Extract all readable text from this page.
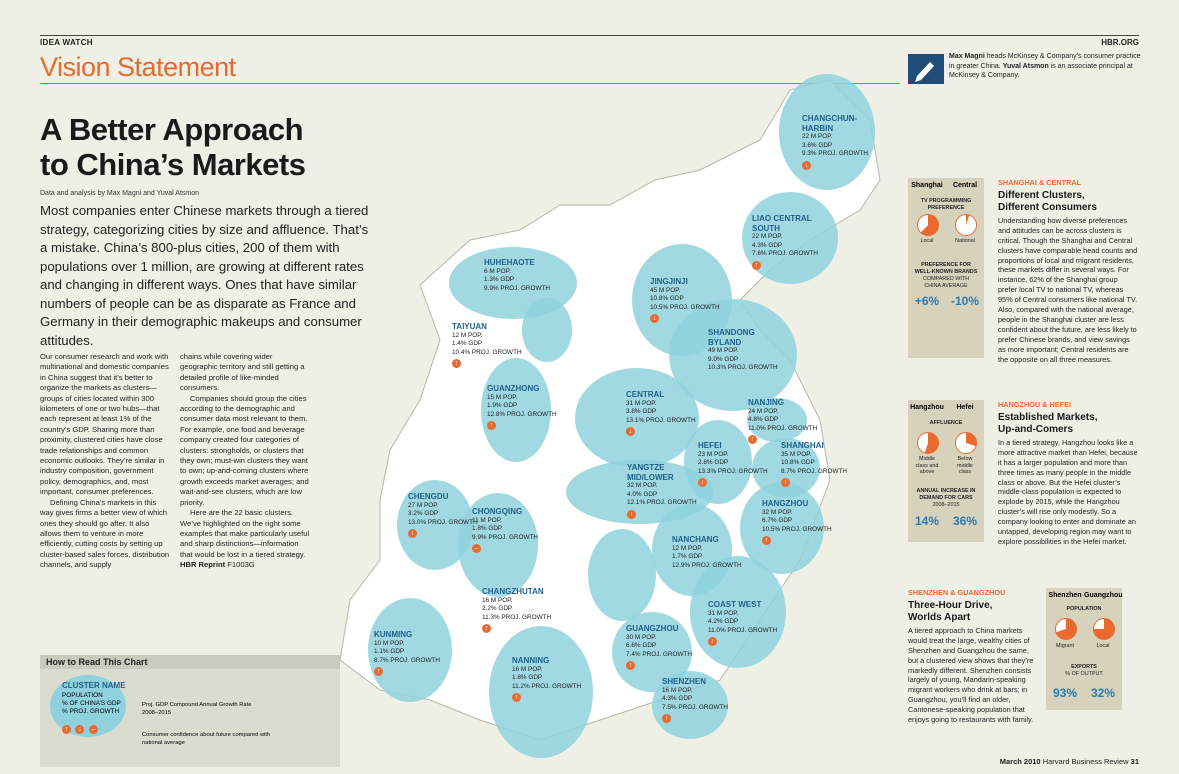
IDEA WATCH	HBR.ORG
Vision Statement	Max Magni heads McKinsey & Company’s consumer practice in greater China. Yuval Atsmon is an associate principal at McKinsey & Company.
A Better Approach
to China’s Markets
Data and analysis by Max Magni and Yuval Atsmon
Most companies enter Chinese markets through a tiered strategy, categorizing cities by size and affluence. That’s a mistake. China’s 800-plus cities, 200 of them with populations over 1 million, are growing at different rates and changing in different ways. Ones that have similar numbers of people can be as disparate as France and Germany in their demographic makeups and consumer attitudes.

Our consumer research and work with multinational and domestic companies in China suggest that it’s better to organize the markets as clusters—groups of cities located within 300 kilometers of one or two hubs—that each represent at least 1% of the country’s GDP. Sharing more than proximity, clustered cities have close trade relationships and common economic outlooks. They’re similar in industry composition, government policy, demographics, and, most important, consumer preferences.

Defining China’s markets in this way gives firms a better view of which ones they should go after. It also allows them to venture in more efficiently, cutting costs by setting up cluster-based sales forces, distribution channels, and supply

chains while covering wider geographic territory and still getting a detailed profile of like-minded consumers.

Companies should group the cities according to the demographic and consumer data most relevant to them. For example, one food and beverage company created four categories of clusters: strongholds, or clusters that they own; must-win clusters they want to own; up-and-coming clusters where growth exceeds market averages; and wait-and-see clusters, which are low priority.

Here are the 22 basic clusters. We’ve highlighted on the right some examples that make particularly useful and sharp distinctions—information that would be lost in a tiered strategy. HBR Reprint F1003G

How to Read This Chart
CLUSTER NAME
POPULATION
% OF CHINA’S GDP
% PROJ. GROWTH
↑ ↓ –
Proj. GDP Compound Annual Growth Rate 2008–2015
Consumer confidence about future compared with national average
CHANGCHUN-
HARBIN
22 M POP.
3.6% GDP
9.3% PROJ. GROWTH
↓
LIAO CENTRAL
SOUTH
22 M POP.
4.3% GDP
7.6% PROJ. GROWTH
↑
HUHEHAOTE
6 M POP.
1.3% GDP
9.9% PROJ. GROWTH
JINGJINJI
45 M POP.
10.8% GDP
10.5% PROJ. GROWTH
↓
TAIYUAN
12 M POP.
1.4% GDP
10.4% PROJ. GROWTH
↑
SHANDONG
BYLAND
49 M POP.
9.0% GDP
10.3% PROJ. GROWTH
GUANZHONG
15 M POP.
1.9% GDP
12.8% PROJ. GROWTH
↑
CENTRAL
31 M POP.
3.8% GDP
13.1% PROJ. GROWTH
↓
NANJING
24 M POP.
4.8% GDP
11.0% PROJ. GROWTH
↑
HEFEI
23 M POP.
2.8% GDP
13.3% PROJ. GROWTH
↓
SHANGHAI
35 M POP.
10.8% GDP
8.7% PROJ. GROWTH
↑
YANGTZE
MID/LOWER
32 M POP.
4.0% GDP
12.1% PROJ. GROWTH
↑
CHENGDU
27 M POP.
3.2% GDP
13.0% PROJ. GROWTH
↓
CHONGQING
11 M POP.
1.8% GDP
9.9% PROJ. GROWTH
–
HANGZHOU
32 M POP.
6.7% GDP
10.5% PROJ. GROWTH
↑
NANCHANG
12 M POP.
1.7% GDP
12.9% PROJ. GROWTH
CHANGZHUTAN
16 M POP.
2.2% GDP
11.3% PROJ. GROWTH
↑
COAST WEST
31 M POP.
4.2% GDP
11.0% PROJ. GROWTH
↓
KUNMING
10 M POP.
1.1% GDP
8.7% PROJ. GROWTH
↑
GUANGZHOU
30 M POP.
6.6% GDP
7.4% PROJ. GROWTH
↑
NANNING
16 M POP.
1.8% GDP
11.2% PROJ. GROWTH
↑
SHENZHEN
16 M POP.
4.3% GDP
7.5% PROJ. GROWTH
↑
Shanghai	Central
TV PROGRAMMING
PREFERENCE
Local	National
PREFERENCE FOR
WELL-KNOWN BRANDS
COMPARED WITH
CHINA AVERAGE
+6% -10%
SHANGHAI & CENTRAL
Different Clusters,
Different Consumers

Understanding how diverse preferences and attitudes can be across clusters is critical. Though the Shanghai and Central clusters have comparable head counts and proportions of local and migrant residents, these markets differ in several ways. For instance, 62% of the Shanghai group prefer local TV to national TV, whereas 95% of Central consumers like national TV. Also, compared with the national average, people in the Shanghai cluster are less confident about the future, are less likely to prefer Chinese brands, and view savings as more important; Central residents are the opposite on all three measures.

Hangzhou	Hefei
AFFLUENCE
Middle
class and
above
Below
middle
class
ANNUAL INCREASE IN
DEMAND FOR CARS
2008–2015
14%	36%
HANGZHOU & HEFEI
Established Markets,
Up-and-Comers

In a tiered strategy, Hangzhou looks like a more attractive market than Hefei, because it has a larger population and more than three times as many people in the middle class or above. But the Hefei cluster’s middle-class population is expected to explode by 2015, while the Hangzhou cluster’s will rise only modestly. So a company looking to enter and dominate an untapped, developing region may want to explore possibilities in the Hefei market.

Shenzhen Guangzhou
POPULATION
Migrant	Local
EXPORTS
% OF OUTPUT
93%	32%
SHENZHEN & GUANGZHOU
Three-Hour Drive,
Worlds Apart

A tiered approach to China markets would treat the large, wealthy cities of Shenzhen and Guangzhou the same, but a clustered view shows that they’re markedly different. Shenzhen consists largely of young, Mandarin-speaking migrant workers who drink at bars; in Guangzhou, you’ll find an older, Cantonese-speaking population that enjoys going to restaurants with family.

March 2010 Harvard Business Review 31
